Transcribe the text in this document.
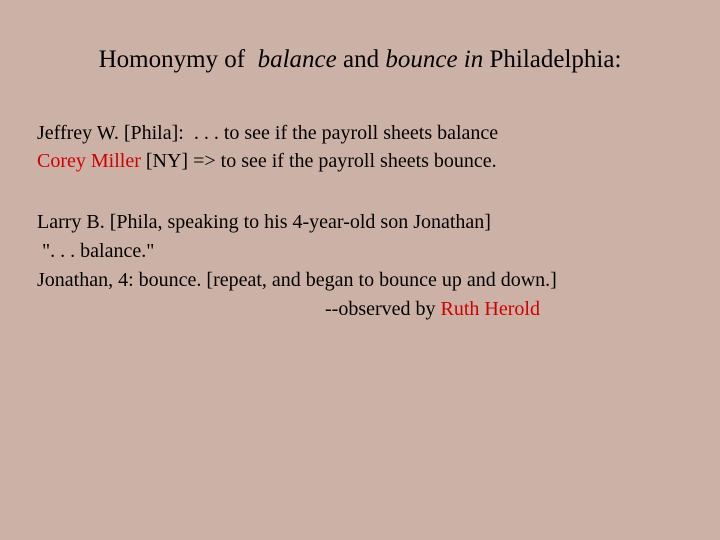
Homonymy of  balance and bounce in Philadelphia:
Jeffrey W. [Phila]:  . . . to see if the payroll sheets balance
Corey Miller [NY] => to see if the payroll sheets bounce.
Larry B. [Phila, speaking to his 4-year-old son Jonathan]
". . . balance."
Jonathan, 4: bounce. [repeat, and began to bounce up and down.]
--observed by Ruth Herold
